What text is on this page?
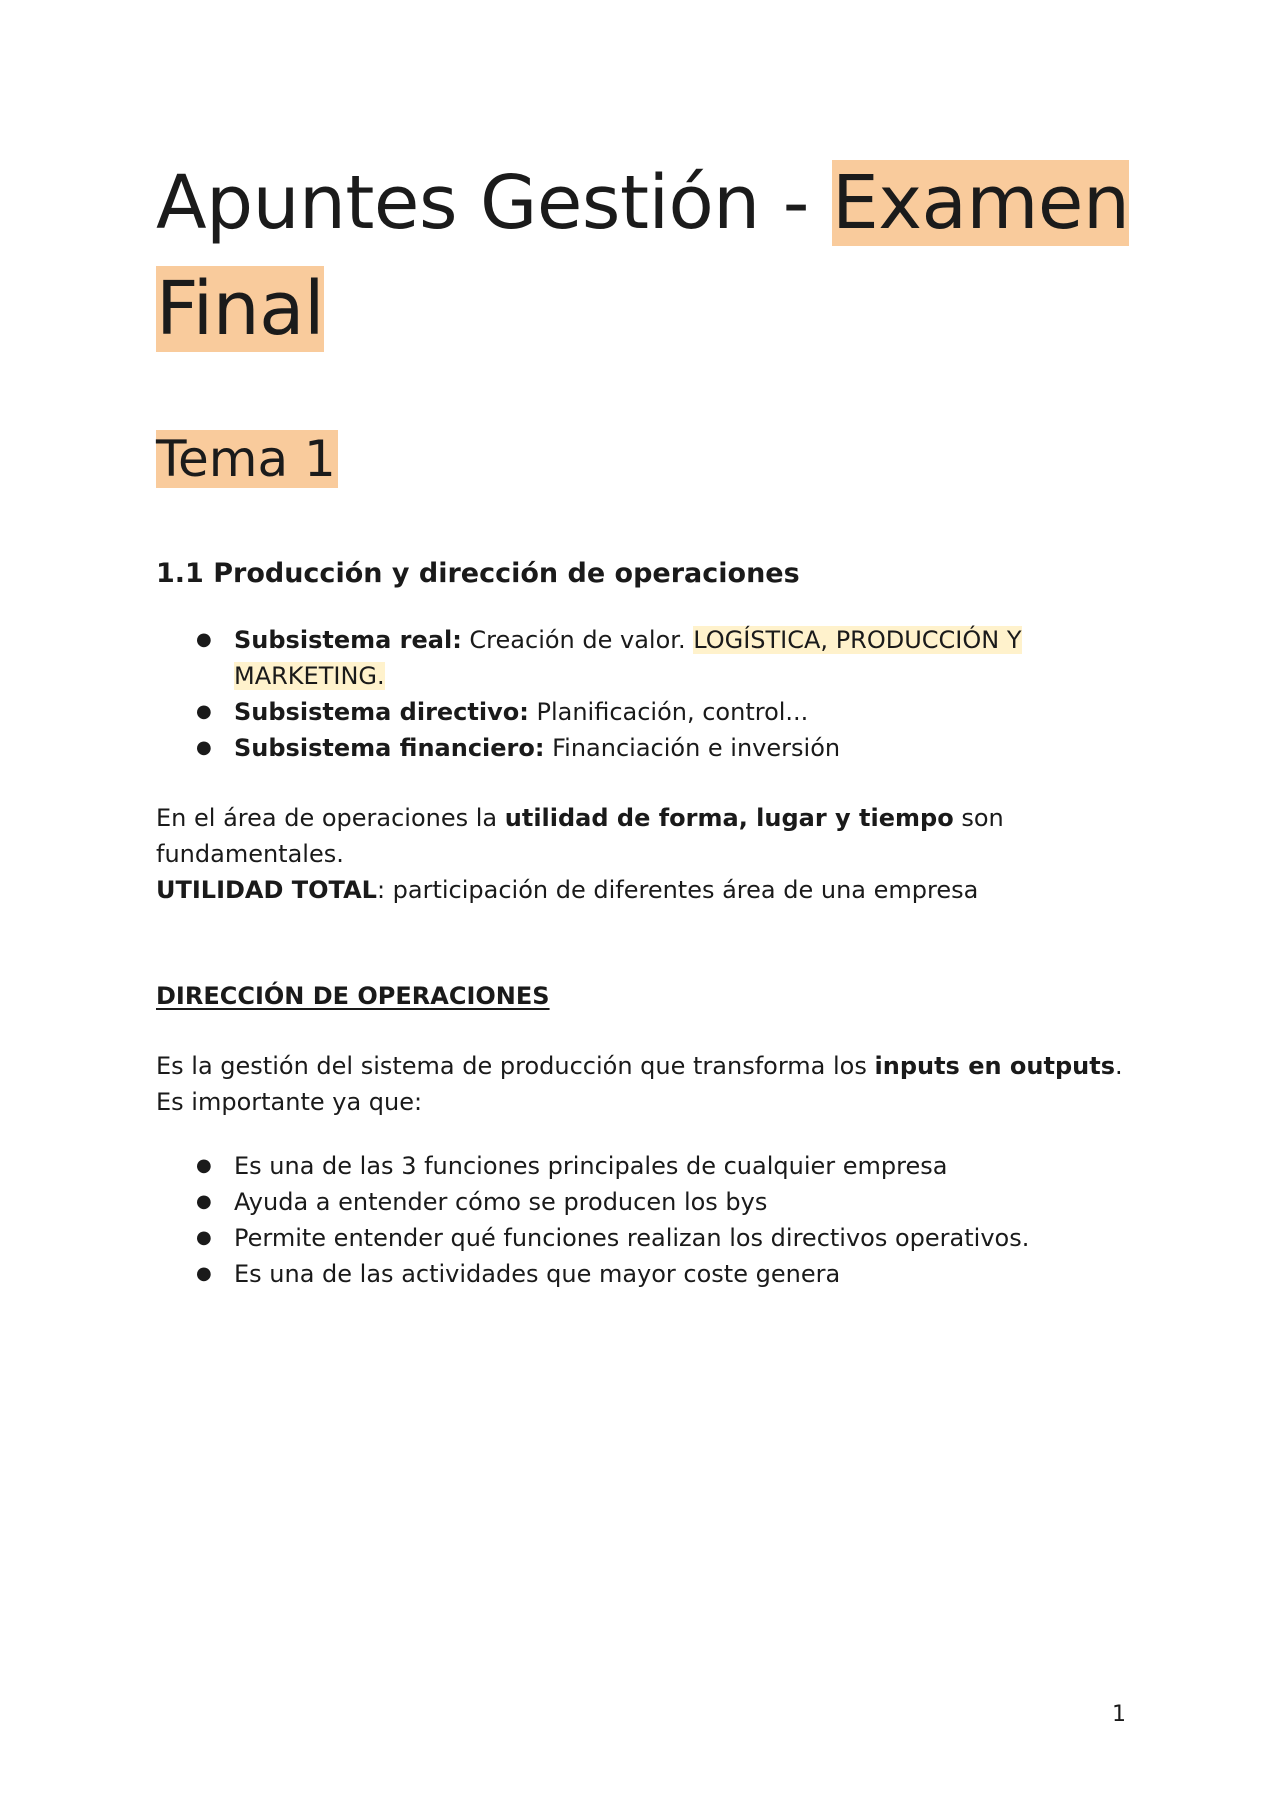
Apuntes Gestión - Examen
Final
Tema 1
1.1 Producción y dirección de operaciones
● Subsistema real: Creación de valor. LOGÍSTICA, PRODUCCIÓN Y MARKETING.
● Subsistema directivo: Planificación, control...
● Subsistema financiero: Financiación e inversión

En el área de operaciones la utilidad de forma, lugar y tiempo son fundamentales.
UTILIDAD TOTAL: participación de diferentes área de una empresa

DIRECCIÓN DE OPERACIONES

Es la gestión del sistema de producción que transforma los inputs en outputs. Es importante ya que:

● Es una de las 3 funciones principales de cualquier empresa
● Ayuda a entender cómo se producen los bys
● Permite entender qué funciones realizan los directivos operativos.
● Es una de las actividades que mayor coste genera
1
